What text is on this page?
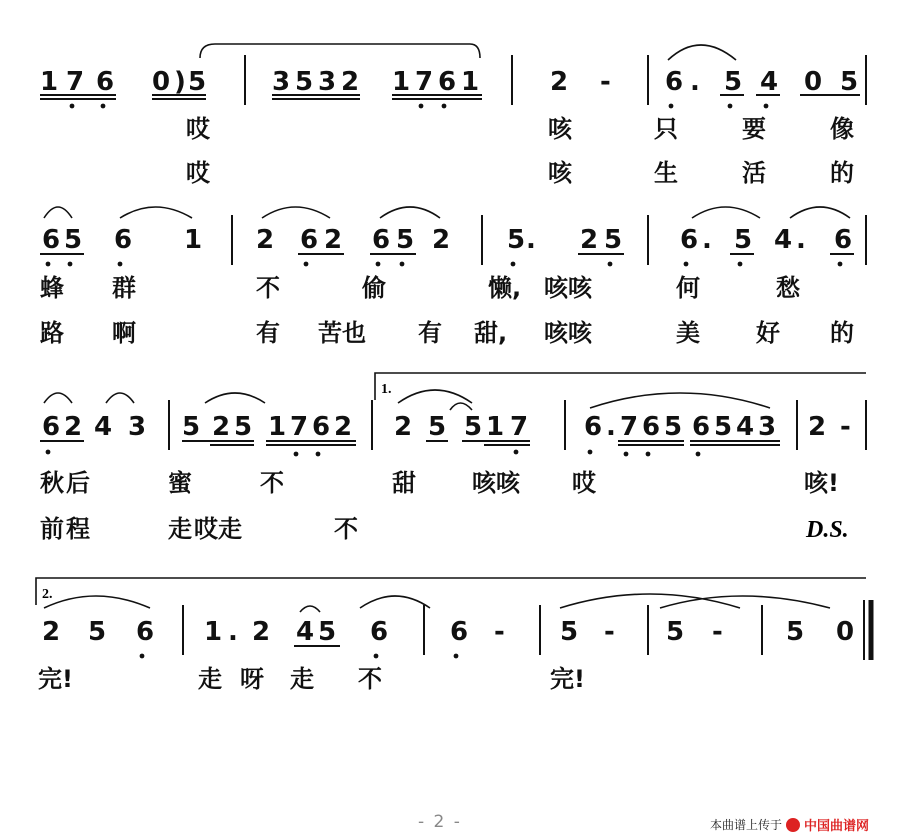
1.
2.
1 7 6 0 ) 5	3 5 3 2 1 7 6 1	2 - 6 . 5 4 0 5
6 5 6 1 2 6 2 6 5 2 5 . 2 5 6 . 5 4 . 6
6 2 4 3 5 2 5 1 7 6 2 2 5 5 1 7 6 . 7 6 5 6 5 4 3 2 -
2 5 6 1 . 2 4 5 6 6 - 5 - 5 - 5 0
哎	咳	只	要	像
哎	咳	生	活	的
蜂 群	不	偷	懒, 咳咳	何	愁
路 啊	有 苦也 有 甜, 咳咳	美 好 的
秋 后	蜜	不	甜 咳咳 哎	咳!
前 程	走 哎走	不	D.S.
完!	走 呀 走 不	完!
- 2 -	本曲谱上传于 中国曲谱网
